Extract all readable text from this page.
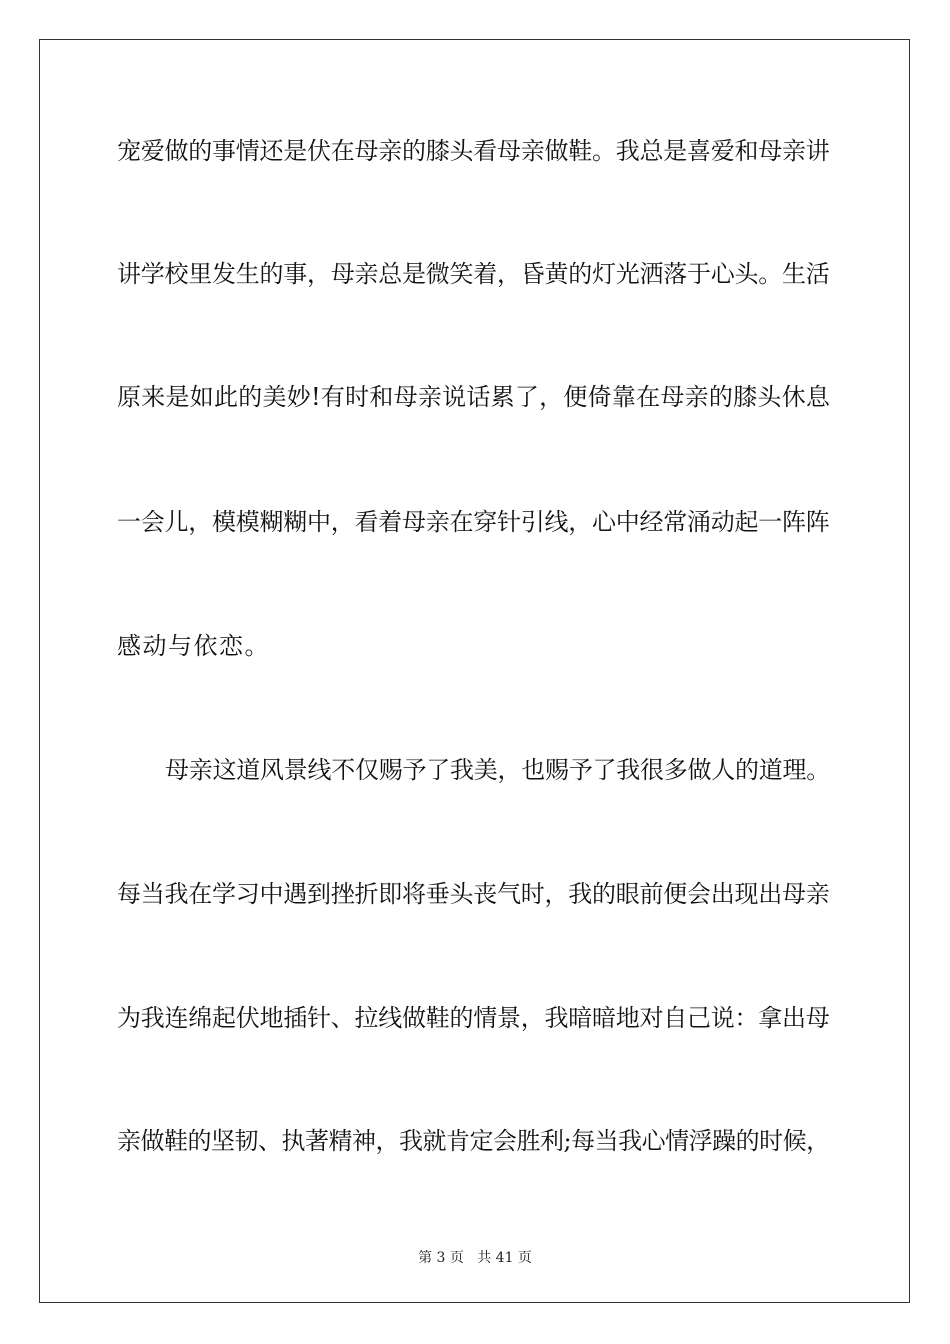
宠爱做的事情还是伏在母亲的膝头看母亲做鞋。我总是喜爱和母亲讲
讲学校里发生的事，母亲总是微笑着，昏黄的灯光洒落于心头。生活
原来是如此的美妙!有时和母亲说话累了，便倚靠在母亲的膝头休息
一会儿，模模糊糊中，看着母亲在穿针引线，心中经常涌动起一阵阵
感动与依恋。
母亲这道风景线不仅赐予了我美，也赐予了我很多做人的道理。
每当我在学习中遇到挫折即将垂头丧气时，我的眼前便会出现出母亲
为我连绵起伏地插针、拉线做鞋的情景，我暗暗地对自己说：拿出母
亲做鞋的坚韧、执著精神，我就肯定会胜利;每当我心情浮躁的时候，
第 3 页   共 41 页
